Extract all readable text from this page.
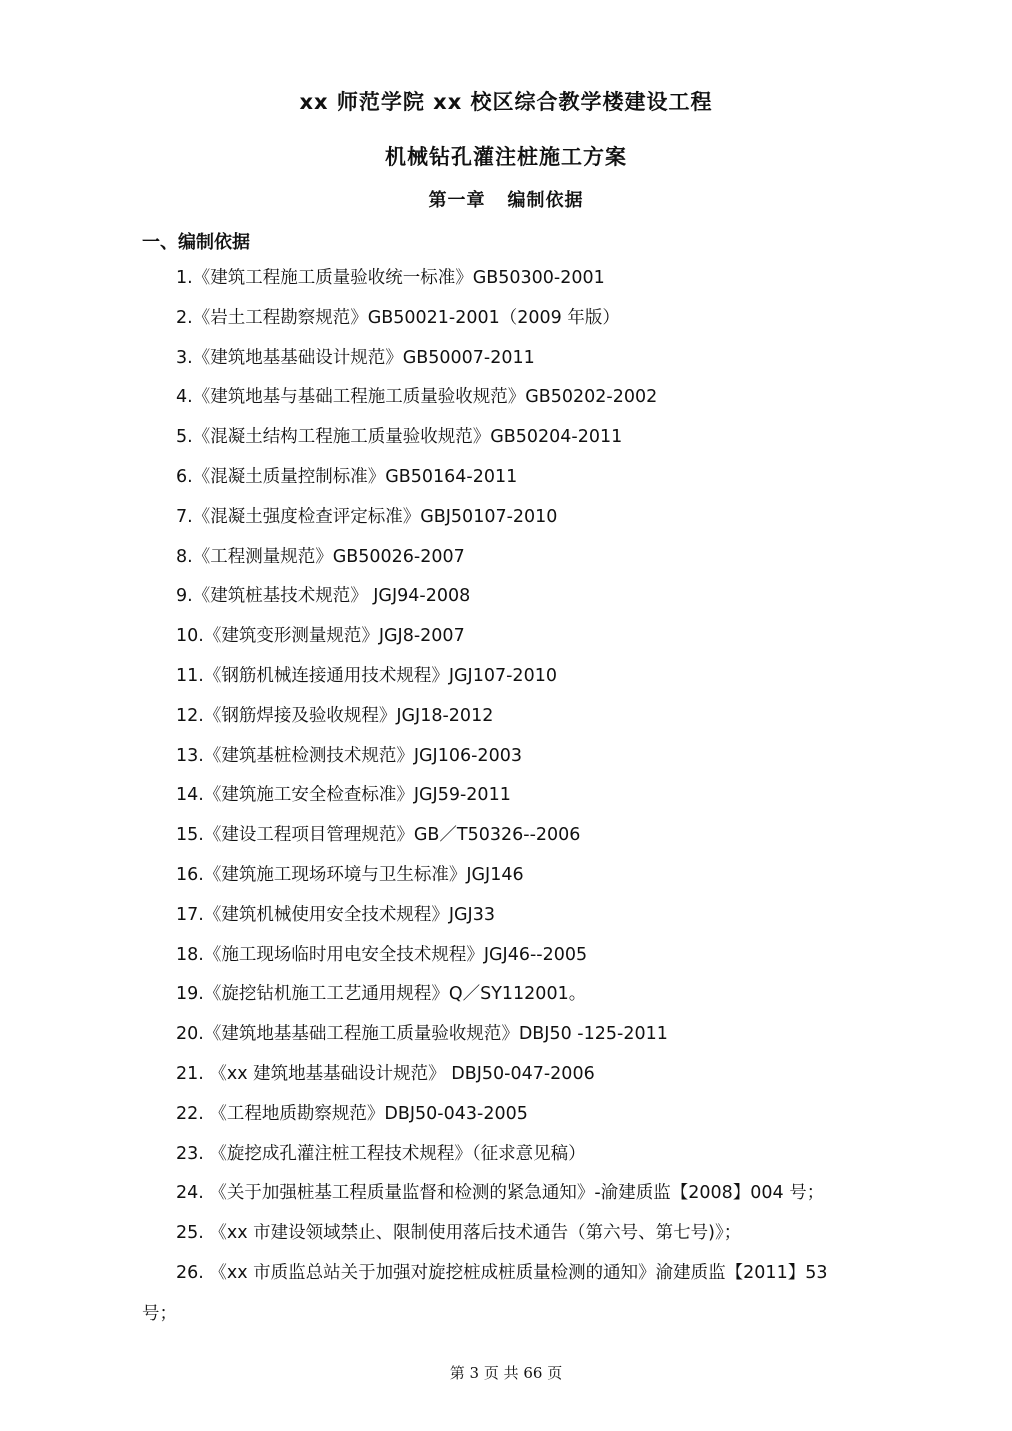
xx 师范学院 xx 校区综合教学楼建设工程
机械钻孔灌注桩施工方案
第一章 编制依据
一、编制依据
1.《建筑工程施工质量验收统一标准》GB50300-2001
2.《岩土工程勘察规范》GB50021-2001（2009 年版）
3.《建筑地基基础设计规范》GB50007-2011
4.《建筑地基与基础工程施工质量验收规范》GB50202-2002
5.《混凝土结构工程施工质量验收规范》GB50204-2011
6.《混凝土质量控制标准》GB50164-2011
7.《混凝土强度检查评定标准》GBJ50107-2010
8.《工程测量规范》GB50026-2007
9.《建筑桩基技术规范》 JGJ94-2008
10.《建筑变形测量规范》JGJ8-2007
11.《钢筋机械连接通用技术规程》JGJ107-2010
12.《钢筋焊接及验收规程》JGJ18-2012
13.《建筑基桩检测技术规范》JGJ106-2003
14.《建筑施工安全检查标准》JGJ59-2011
15.《建设工程项目管理规范》GB／T50326--2006
16.《建筑施工现场环境与卫生标准》JGJ146
17.《建筑机械使用安全技术规程》JGJ33
18.《施工现场临时用电安全技术规程》JGJ46--2005
19.《旋挖钻机施工工艺通用规程》Q／SY112001。
20.《建筑地基基础工程施工质量验收规范》DBJ50 -125-2011
21. 《xx 建筑地基基础设计规范》 DBJ50-047-2006
22. 《工程地质勘察规范》DBJ50-043-2005
23. 《旋挖成孔灌注桩工程技术规程》（征求意见稿）
24. 《关于加强桩基工程质量监督和检测的紧急通知》-渝建质监【2008】004 号；
25. 《xx 市建设领域禁止、限制使用落后技术通告（第六号、第七号)》；
26. 《xx 市质监总站关于加强对旋挖桩成桩质量检测的通知》渝建质监【2011】53
号；
第 3 页 共 66 页
